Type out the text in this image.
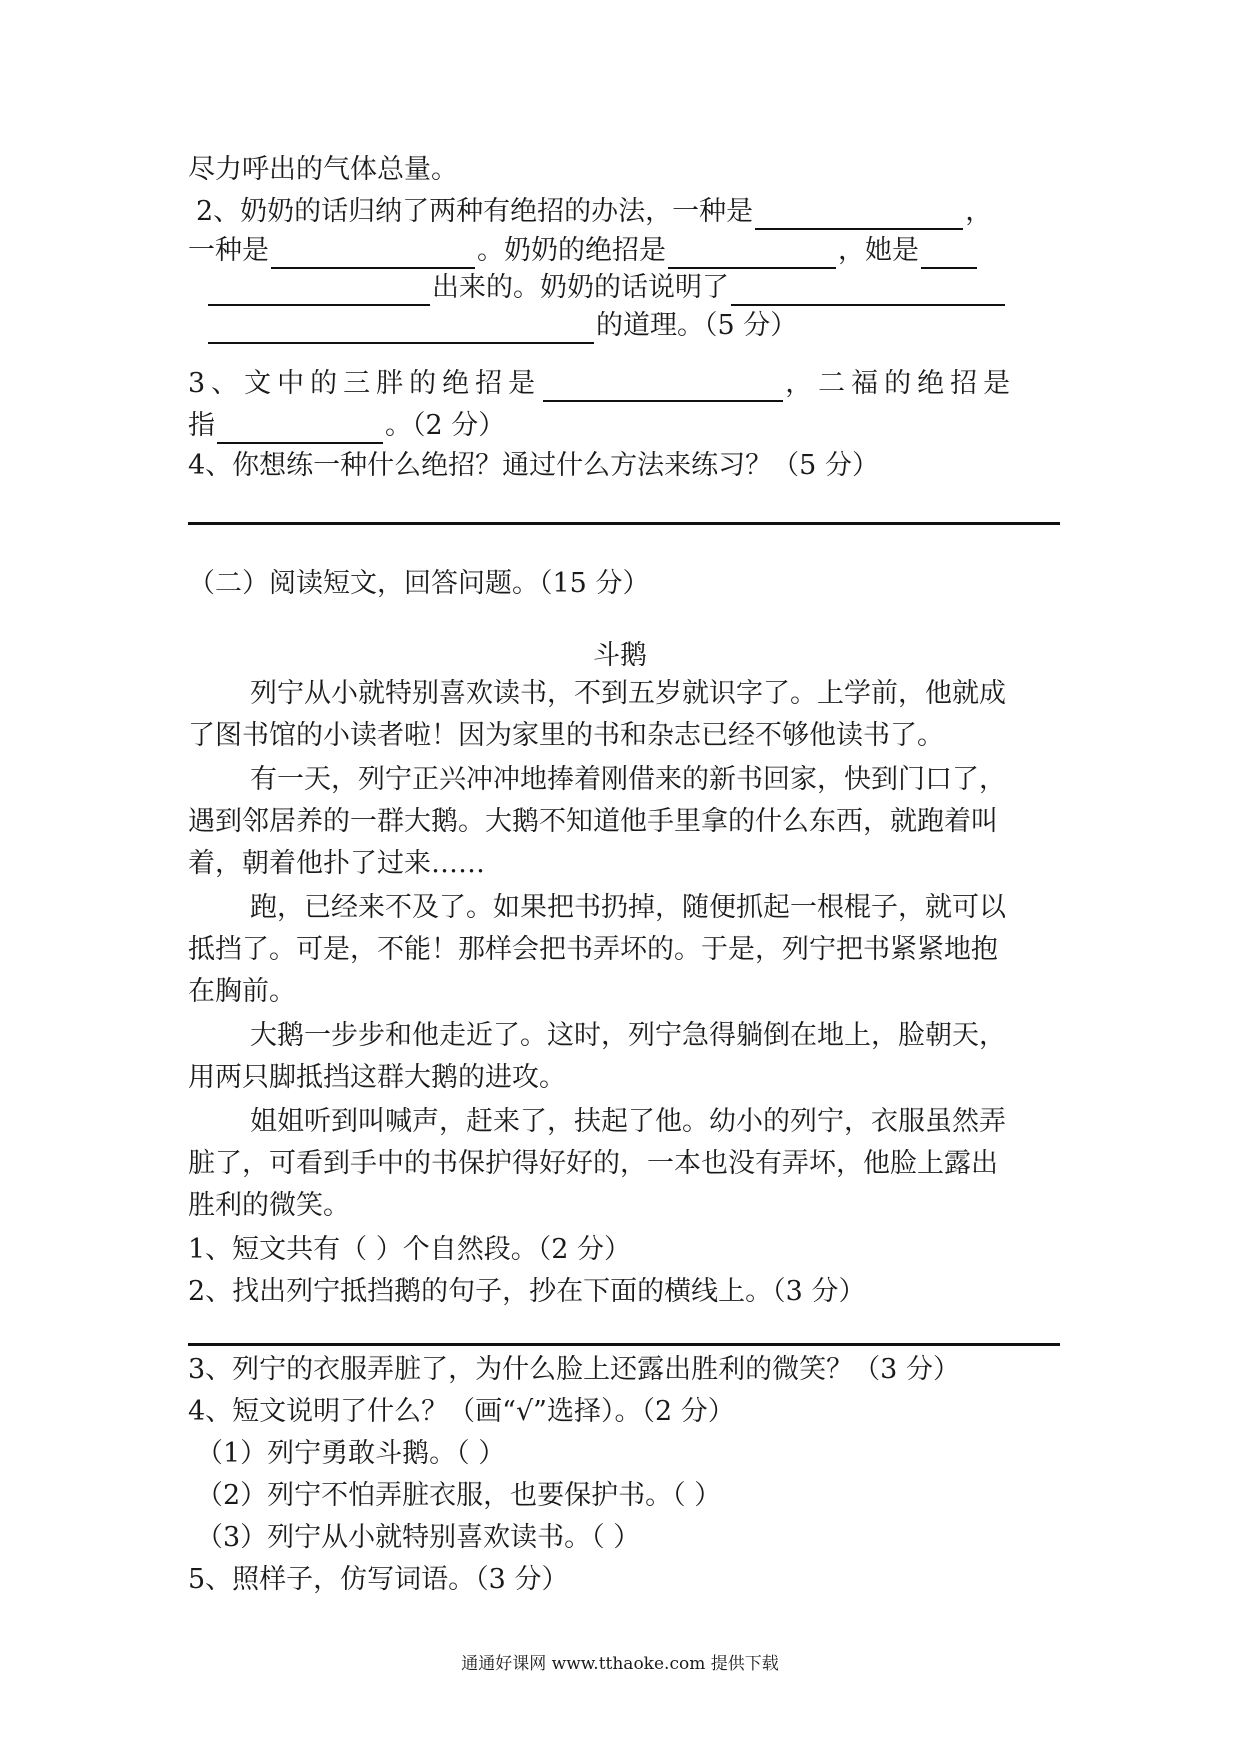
尽力呼出的气体总量。
2、奶奶的话归纳了两种有绝招的办法，一种是	，
一种是	。奶奶的绝招是	，她是
出来的。奶奶的话说明了
的道理。（5 分）
3、文中的三胖的绝招是	，二福的绝招是
指	。（2 分）
4、你想练一种什么绝招？通过什么方法来练习？（5 分）
（二）阅读短文，回答问题。（15 分）
斗鹅
列宁从小就特别喜欢读书，不到五岁就识字了。上学前，他就成
了图书馆的小读者啦！因为家里的书和杂志已经不够他读书了。
有一天，列宁正兴冲冲地捧着刚借来的新书回家，快到门口了，
遇到邻居养的一群大鹅。大鹅不知道他手里拿的什么东西，就跑着叫
着，朝着他扑了过来……
跑，已经来不及了。如果把书扔掉，随便抓起一根棍子，就可以
抵挡了。可是，不能！那样会把书弄坏的。于是，列宁把书紧紧地抱
在胸前。
大鹅一步步和他走近了。这时，列宁急得躺倒在地上，脸朝天，
用两只脚抵挡这群大鹅的进攻。
姐姐听到叫喊声，赶来了，扶起了他。幼小的列宁，衣服虽然弄
脏了，可看到手中的书保护得好好的，一本也没有弄坏，他脸上露出
胜利的微笑。
1、短文共有（ ）个自然段。（2 分）
2、找出列宁抵挡鹅的句子，抄在下面的横线上。（3 分）
3、列宁的衣服弄脏了，为什么脸上还露出胜利的微笑？（3 分）
4、短文说明了什么？（画“√”选择）。（2 分）
（1）列宁勇敢斗鹅。（ ）
（2）列宁不怕弄脏衣服，也要保护书。（ ）
（3）列宁从小就特别喜欢读书。（ ）
5、照样子，仿写词语。（3 分）
通通好课网 www.tthaoke.com 提供下载
